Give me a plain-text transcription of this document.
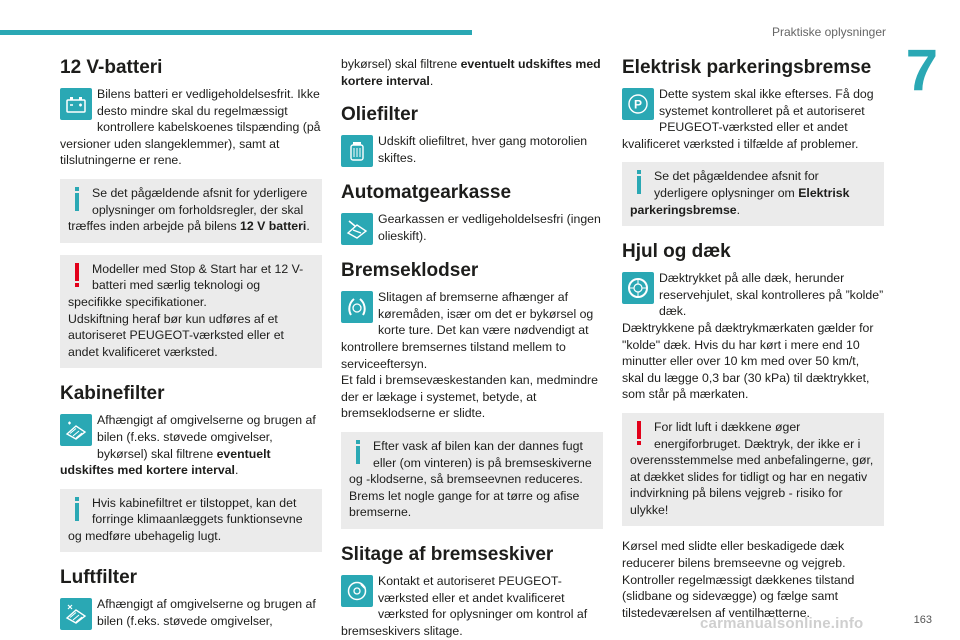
Praktiske oplysninger
7
12 V-batteri

Bilens batteri er vedligeholdelsesfrit. Ikke desto mindre skal du regelmæssigt kontrollere kabelskoenes tilspænding (på versioner uden slangeklemmer), samt at tilslutningerne er rene.

Se det pågældende afsnit for yderligere oplysninger om forholdsregler, der skal træffes inden arbejde på bilens 12 V batteri.

Modeller med Stop & Start har et 12 V-batteri med særlig teknologi og specifikke specifikationer.

Udskiftning heraf bør kun udføres af et autoriseret PEUGEOT-værksted eller et andet kvalificeret værksted.

Kabinefilter

Afhængigt af omgivelserne og brugen af bilen (f.eks. støvede omgivelser, bykørsel) skal filtrene eventuelt udskiftes med kortere interval.

Hvis kabinefiltret er tilstoppet, kan det forringe klimaanlæggets funktionsevne og medføre ubehagelig lugt.

Luftfilter

Afhængigt af omgivelserne og brugen af bilen (f.eks. støvede omgivelser,

bykørsel) skal filtrene eventuelt udskiftes med kortere interval.

Oliefilter

Udskift oliefiltret, hver gang motorolien skiftes.

Automatgearkasse

Gearkassen er vedligeholdelsesfri (ingen olieskift).

Bremseklodser

Slitagen af bremserne afhænger af køremåden, især om det er bykørsel og korte ture. Det kan være nødvendigt at kontrollere bremsernes tilstand mellem to serviceeftersyn.

Et fald i bremsevæskestanden kan, medmindre der er lækage i systemet, betyde, at bremseklodserne er slidte.

Efter vask af bilen kan der dannes fugt eller (om vinteren) is på bremseskiverne og -klodserne, så bremseevnen reduceres. Brems let nogle gange for at tørre og afise bremserne.

Slitage af bremseskiver

Kontakt et autoriseret PEUGEOT-værksted eller et andet kvalificeret værksted for oplysninger om kontrol af bremseskivers slitage.

Elektrisk parkeringsbremse
P

Dette system skal ikke efterses. Få dog systemet kontrolleret på et autoriseret PEUGEOT-værksted eller et andet kvalificeret værksted i tilfælde af problemer.

Se det pågældendee afsnit for yderligere oplysninger om Elektrisk parkeringsbremse.

Hjul og dæk

Dæktrykket på alle dæk, herunder reservehjulet, skal kontrolleres på ”kolde” dæk.

Dæktrykkene på dæktrykmærkaten gælder for "kolde" dæk. Hvis du har kørt i mere end 10 minutter eller over 10 km med over 50 km/t, skal du lægge 0,3 bar (30 kPa) til dæktrykket, som står på mærkaten.

For lidt luft i dækkene øger energiforbruget. Dæktryk, der ikke er i overensstemmelse med anbefalingerne, gør, at dækket slides for tidligt og har en negativ indvirkning på bilens vejgreb - risiko for ulykke!

Kørsel med slidte eller beskadigede dæk reducerer bilens bremseevne og vejgreb. Kontroller regelmæssigt dækkenes tilstand (slidbane og sidevægge) og fælge samt tilstedeværelsen af ventilhætterne.

carmanualsonline.info	163
